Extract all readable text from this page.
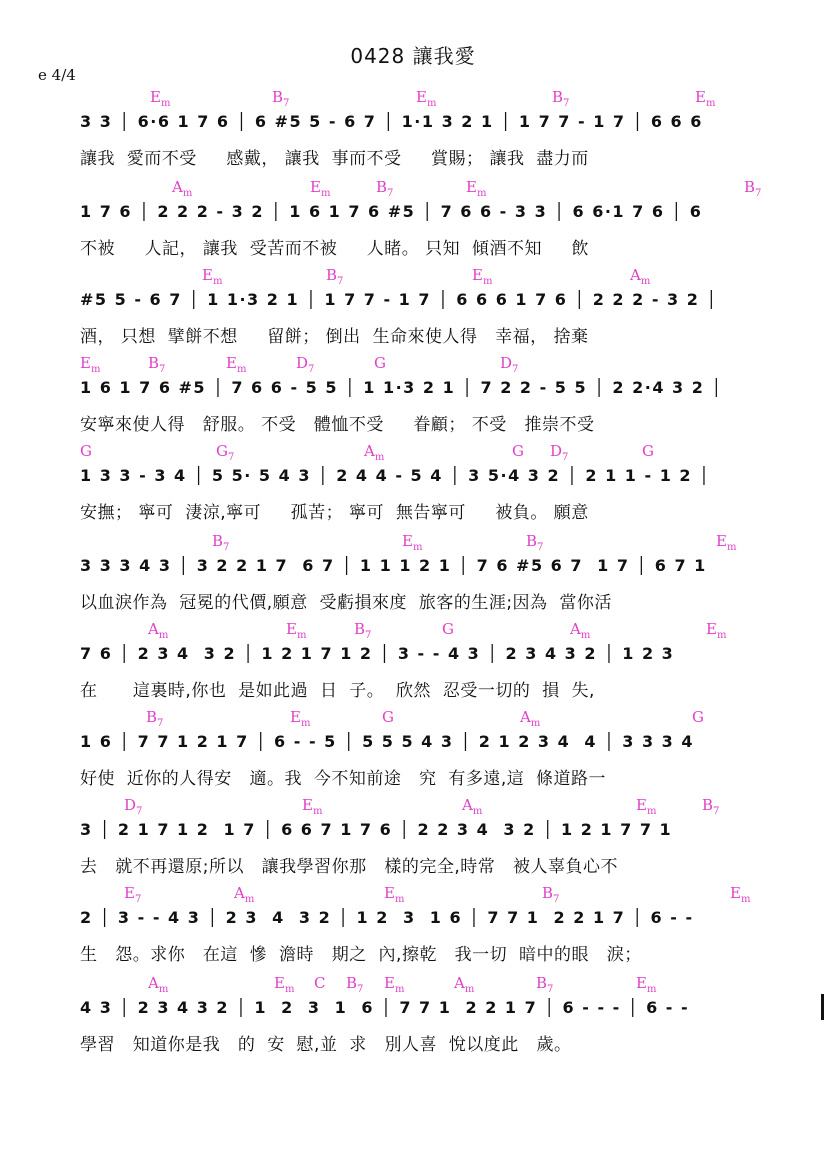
0428 讓我愛
e 4/4
$E_m$	$B_7$	$E_m$	$B_7$	$E_m$
3 3 │ 6·6 1 7 6 │ 6 #5 5 - 6 7 │ 1·1 3 2 1 │ 1 7 7 - 1 7 │ 6 6 6
讓我  愛而不受     感戴， 讓我  事而不受     賞賜； 讓我  盡力而
$A_m$	$E_m$	$B_7$	$E_m$	$B_7$
1 7 6 │ 2 2 2 - 3 2 │ 1 6 1 7 6 #5 │ 7 6 6 - 3 3 │ 6 6·1 7 6 │ 6
不被     人記， 讓我  受苦而不被     人睹。 只知  傾酒不知     飲
$E_m$	$B_7$	$E_m$	$A_m$
#5 5 - 6 7 │ 1 1·3 2 1 │ 1 7 7 - 1 7 │ 6 6 6 1 7 6 │ 2 2 2 - 3 2 │
酒， 只想  擘餅不想     留餅； 倒出  生命來使人得   幸福， 捨棄
$E_m$	$B_7$	$E_m$	$D_7$	G	$D_7$
1 6 1 7 6 #5 │ 7 6 6 - 5 5 │ 1 1·3 2 1 │ 7 2 2 - 5 5 │ 2 2·4 3 2 │
安寧來使人得   舒服。 不受   體恤不受     眷顧； 不受   推崇不受
G	$G_7$	$A_m$	G $D_7$	G
1 3 3 - 3 4 │ 5 5· 5 4 3 │ 2 4 4 - 5 4 │ 3 5·4 3 2 │ 2 1 1 - 1 2 │
安撫； 寧可  淒涼,寧可     孤苦； 寧可  無告寧可     被負。 願意
$B_7$	$E_m$	$B_7$	$E_m$
3 3 3 4 3 │ 3 2 2 1 7  6 7 │ 1 1 1 2 1 │ 7 6 #5 6 7  1 7 │ 6 7 1
以血淚作為  冠冕的代價,願意  受虧損來度  旅客的生涯;因為  當你活
$A_m$	$E_m$	$B_7$	G	$A_m$	$E_m$
7 6 │ 2 3 4  3 2 │ 1 2 1 7 1 2 │ 3 - - 4 3 │ 2 3 4 3 2 │ 1 2 3
在      這裏時,你也  是如此過  日  子。  欣然  忍受一切的  損  失,
$B_7$	$E_m$	G	$A_m$	G
1 6 │ 7 7 1 2 1 7 │ 6 - - 5 │ 5 5 5 4 3 │ 2 1 2 3 4  4 │ 3 3 3 4
好使  近你的人得安   適。我  今不知前途   究  有多遠,這  條道路一
$D_7$	$E_m$	$A_m$	$E_m$	$B_7$
3 │ 2 1 7 1 2  1 7 │ 6 6 7 1 7 6 │ 2 2 3 4  3 2 │ 1 2 1 7 7 1
去   就不再還原;所以   讓我學習你那   樣的完全,時常   被人辜負心不
$E_7$	$A_m$	$E_m$	$B_7$	$E_m$
2 │ 3 - - 4 3 │ 2 3  4  3 2 │ 1 2  3  1 6 │ 7 7 1  2 2 1 7 │ 6 - -
生   怨。求你   在這  慘  澹時   期之  內,擦乾   我一切  暗中的眼   淚；
$A_m$	$E_m$ C $B_7$ $E_m$	$A_m$	$B_7$	$E_m$
4 3 │ 2 3 4 3 2 │ 1  2  3  1  6 │ 7 7 1  2 2 1 7 │ 6 - - - │ 6 - -
學習   知道你是我   的  安  慰,並  求   別人喜  悅以度此   歲。
